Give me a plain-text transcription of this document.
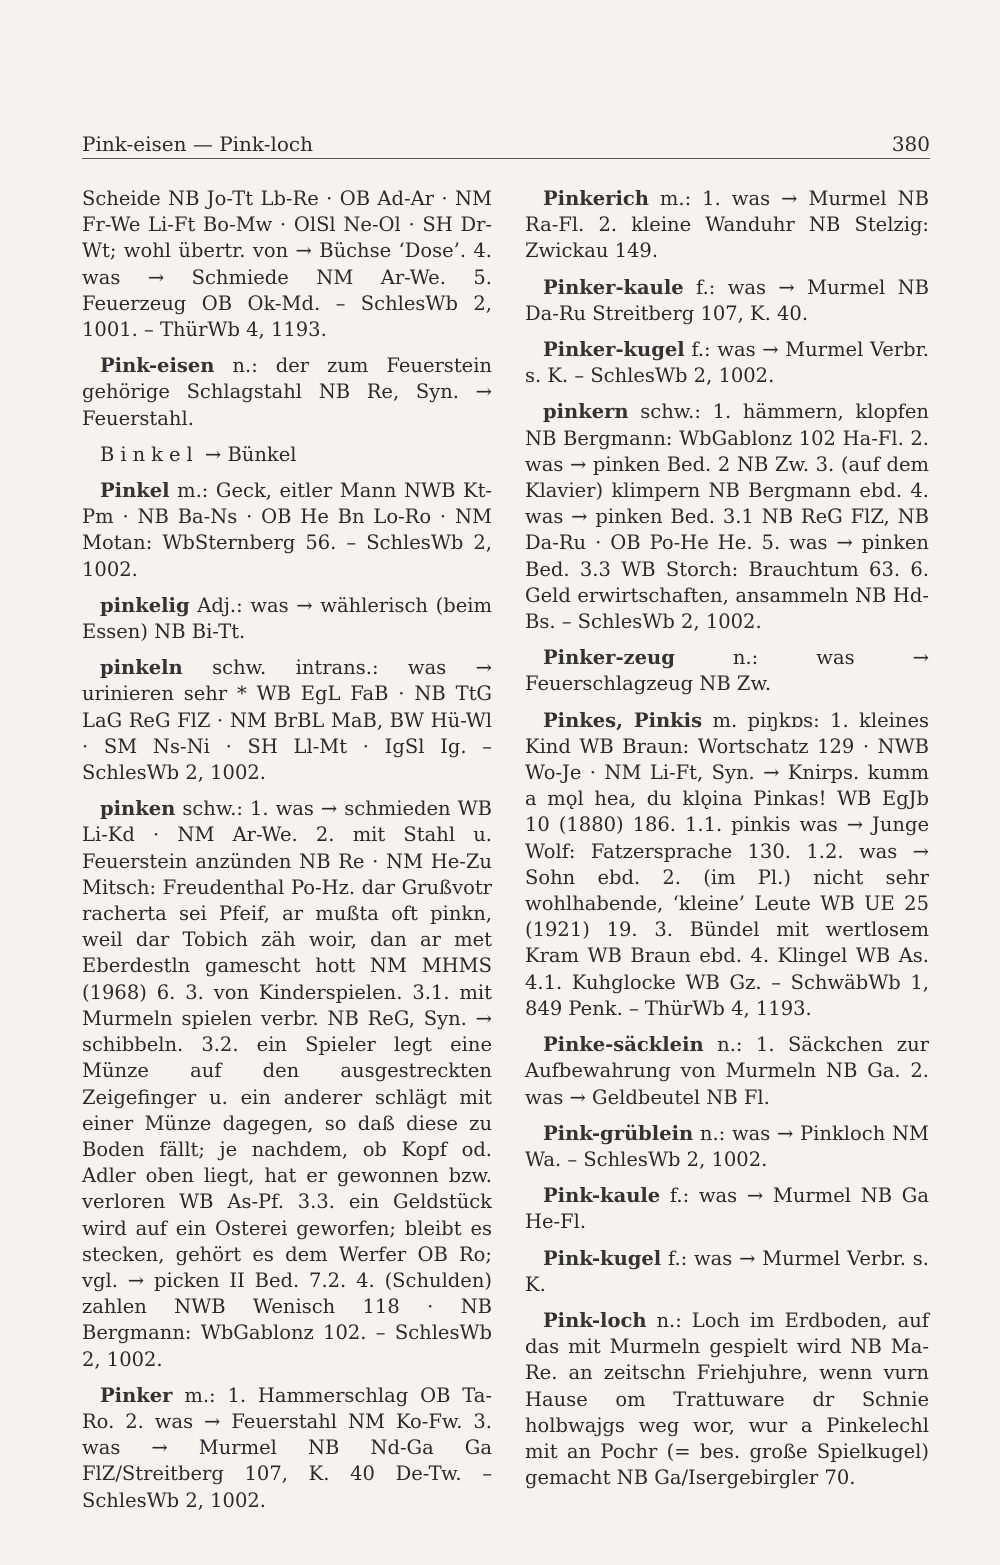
Pink-eisen — Pink-loch	380

Scheide NB Jo-Tt Lb-Re · OB Ad-Ar · NM Fr-We Li-Ft Bo-Mw · OlSl Ne-Ol · SH Dr-Wt; wohl übertr. von → Büchse ‘Dose’. 4. was → Schmiede NM Ar-We. 5. Feuerzeug OB Ok-Md. – SchlesWb 2, 1001. – ThürWb 4, 1193.

Pink-eisen n.: der zum Feuerstein gehörige Schlagstahl NB Re, Syn. → Feuerstahl.

Binkel → Bünkel

Pinkel m.: Geck, eitler Mann NWB Kt-Pm · NB Ba-Ns · OB He Bn Lo-Ro · NM Motan: WbSternberg 56. – SchlesWb 2, 1002.

pinkelig Adj.: was → wählerisch (beim Essen) NB Bi-Tt.

pinkeln schw. intrans.: was → urinieren sehr * WB EgL FaB · NB TtG LaG ReG FlZ · NM BrBL MaB, BW Hü-Wl · SM Ns-Ni · SH Ll-Mt · IgSl Ig. – SchlesWb 2, 1002.

pinken schw.: 1. was → schmieden WB Li-Kd · NM Ar-We. 2. mit Stahl u. Feuerstein anzünden NB Re · NM He-Zu Mitsch: Freudenthal Po-Hz. dar Grußvotr racherta sei Pfeif, ar mußta oft pinkn, weil dar Tobich zäh woir, dan ar met Eberdestln gamescht hott NM MHMS (1968) 6. 3. von Kinderspielen. 3.1. mit Murmeln spielen verbr. NB ReG, Syn. → schibbeln. 3.2. ein Spieler legt eine Münze auf den ausgestreckten Zeigefinger u. ein anderer schlägt mit einer Münze dagegen, so daß diese zu Boden fällt; je nachdem, ob Kopf od. Adler oben liegt, hat er gewonnen bzw. verloren WB As-Pf. 3.3. ein Geldstück wird auf ein Osterei geworfen; bleibt es stecken, gehört es dem Werfer OB Ro; vgl. → picken II Bed. 7.2. 4. (Schulden) zahlen NWB Wenisch 118 · NB Bergmann: WbGablonz 102. – SchlesWb 2, 1002.

Pinker m.: 1. Hammerschlag OB Ta-Ro. 2. was → Feuerstahl NM Ko-Fw. 3. was → Murmel NB Nd-Ga Ga FlZ/Streitberg 107, K. 40 De-Tw. – SchlesWb 2, 1002.

Pinkerich m.: 1. was → Murmel NB Ra-Fl. 2. kleine Wanduhr NB Stelzig: Zwickau 149.

Pinker-kaule f.: was → Murmel NB Da-Ru Streitberg 107, K. 40.

Pinker-kugel f.: was → Murmel Verbr. s. K. – SchlesWb 2, 1002.

pinkern schw.: 1. hämmern, klopfen NB Bergmann: WbGablonz 102 Ha-Fl. 2. was → pinken Bed. 2 NB Zw. 3. (auf dem Klavier) klimpern NB Bergmann ebd. 4. was → pinken Bed. 3.1 NB ReG FlZ, NB Da-Ru · OB Po-He He. 5. was → pinken Bed. 3.3 WB Storch: Brauchtum 63. 6. Geld erwirtschaften, ansammeln NB Hd-Bs. – SchlesWb 2, 1002.

Pinker-zeug n.: was → Feuerschlagzeug NB Zw.

Pinkes, Pinkis m. piŋkɒs: 1. kleines Kind WB Braun: Wortschatz 129 · NWB Wo-Je · NM Li-Ft, Syn. → Knirps. kumm a mǫl hea, du klǫina Pinkas! WB EgJb 10 (1880) 186. 1.1. pinkis was → Junge Wolf: Fatzersprache 130. 1.2. was → Sohn ebd. 2. (im Pl.) nicht sehr wohlhabende, ‘kleine’ Leute WB UE 25 (1921) 19. 3. Bündel mit wertlosem Kram WB Braun ebd. 4. Klingel WB As. 4.1. Kuhglocke WB Gz. – SchwäbWb 1, 849 Penk. – ThürWb 4, 1193.

Pinke-säcklein n.: 1. Säckchen zur Aufbewahrung von Murmeln NB Ga. 2. was → Geldbeutel NB Fl.

Pink-grüblein n.: was → Pinkloch NM Wa. – SchlesWb 2, 1002.

Pink-kaule f.: was → Murmel NB Ga He-Fl.

Pink-kugel f.: was → Murmel Verbr. s. K.

Pink-loch n.: Loch im Erdboden, auf das mit Murmeln gespielt wird NB Ma-Re. an zeitschn Friehjuhre, wenn vurn Hause om Trattuware dr Schnie holbwajgs weg wor, wur a Pinkelechl mit an Pochr (= bes. große Spielkugel) gemacht NB Ga/Isergebirgler 70.
